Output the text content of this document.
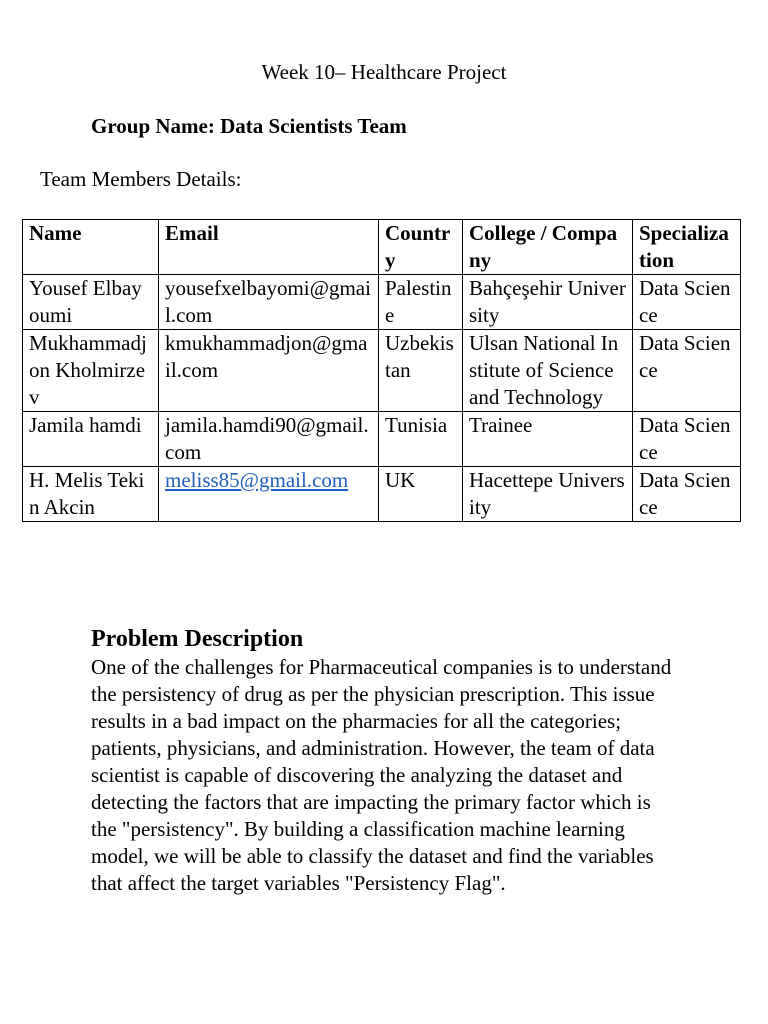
Week 10– Healthcare Project
Group Name: Data Scientists Team
Team Members Details:
Name	Email	Country	College / Company	Specialization
Yousef Elbayoumi	yousefxelbayomi@gmail.com	Palestine	Bahçeşehir University	Data Science
Mukhammadjon Kholmirzev	kmukhammadjon@gmail.com	Uzbekistan	Ulsan National Institute of Science and Technology	Data Science
Jamila hamdi	jamila.hamdi90@gmail.com	Tunisia	Trainee	Data Science
H. Melis Tekin Akcin	meliss85@gmail.com	UK	Hacettepe University	Data Science
Problem Description
One of the challenges for Pharmaceutical companies is to understand the persistency of drug as per the physician prescription. This issue results in a bad impact on the pharmacies for all the categories; patients, physicians, and administration. However, the team of data scientist is capable of discovering the analyzing the dataset and detecting the factors that are impacting the primary factor which is the "persistency". By building a classification machine learning model, we will be able to classify the dataset and find the variables that affect the target variables "Persistency Flag".
